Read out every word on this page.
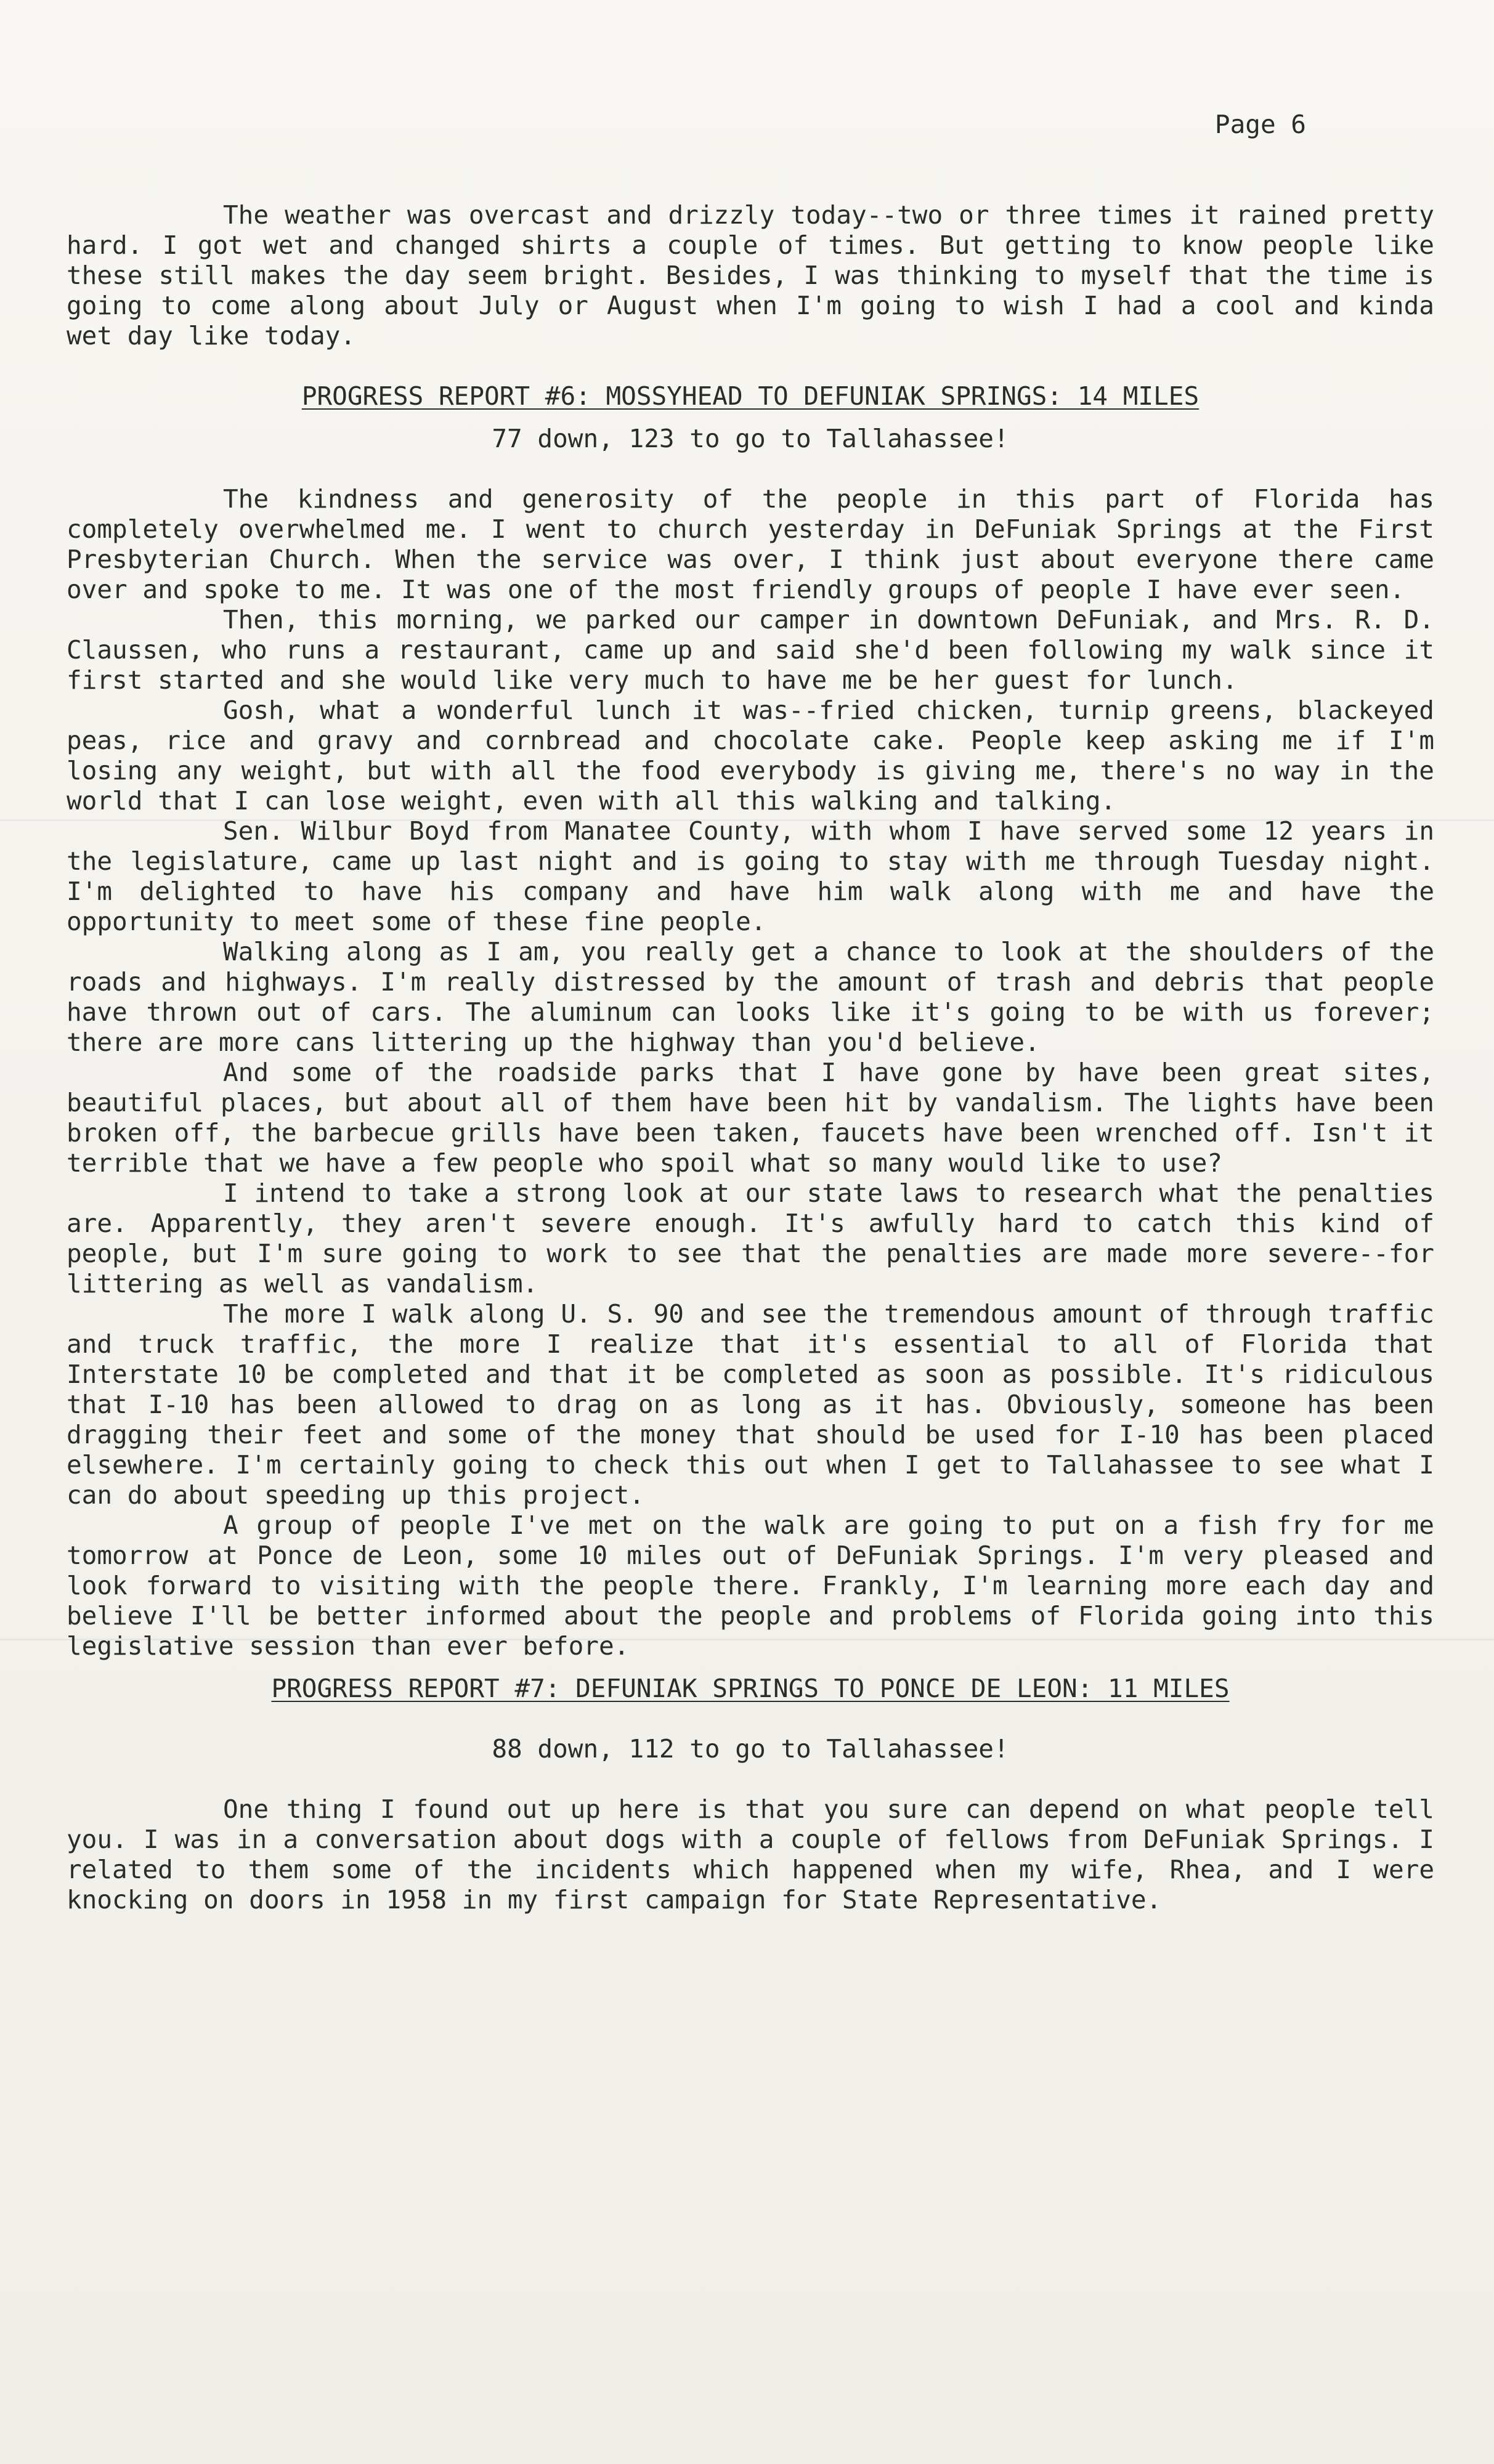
Page 6

The weather was overcast and drizzly today--two or three times it rained pretty hard. I got wet and changed shirts a couple of times. But getting to know people like these still makes the day seem bright. Besides, I was thinking to myself that the time is going to come along about July or August when I'm going to wish I had a cool and kinda wet day like today.

PROGRESS REPORT #6: MOSSYHEAD TO DEFUNIAK SPRINGS: 14 MILES

77 down, 123 to go to Tallahassee!

The kindness and generosity of the people in this part of Florida has completely overwhelmed me. I went to church yesterday in DeFuniak Springs at the First Presbyterian Church. When the service was over, I think just about everyone there came over and spoke to me. It was one of the most friendly groups of people I have ever seen.

Then, this morning, we parked our camper in downtown DeFuniak, and Mrs. R. D. Claussen, who runs a restaurant, came up and said she'd been following my walk since it first started and she would like very much to have me be her guest for lunch.

Gosh, what a wonderful lunch it was--fried chicken, turnip greens, blackeyed peas, rice and gravy and cornbread and chocolate cake. People keep asking me if I'm losing any weight, but with all the food everybody is giving me, there's no way in the world that I can lose weight, even with all this walking and talking.

Sen. Wilbur Boyd from Manatee County, with whom I have served some 12 years in the legislature, came up last night and is going to stay with me through Tuesday night. I'm delighted to have his company and have him walk along with me and have the opportunity to meet some of these fine people.

Walking along as I am, you really get a chance to look at the shoulders of the roads and highways. I'm really distressed by the amount of trash and debris that people have thrown out of cars. The aluminum can looks like it's going to be with us forever; there are more cans littering up the highway than you'd believe.

And some of the roadside parks that I have gone by have been great sites, beautiful places, but about all of them have been hit by vandalism. The lights have been broken off, the barbecue grills have been taken, faucets have been wrenched off. Isn't it terrible that we have a few people who spoil what so many would like to use?

I intend to take a strong look at our state laws to research what the penalties are. Apparently, they aren't severe enough. It's awfully hard to catch this kind of people, but I'm sure going to work to see that the penalties are made more severe--for littering as well as vandalism.

The more I walk along U. S. 90 and see the tremendous amount of through traffic and truck traffic, the more I realize that it's essential to all of Florida that Interstate 10 be completed and that it be completed as soon as possible. It's ridiculous that I-10 has been allowed to drag on as long as it has. Obviously, someone has been dragging their feet and some of the money that should be used for I-10 has been placed elsewhere. I'm certainly going to check this out when I get to Tallahassee to see what I can do about speeding up this project.

A group of people I've met on the walk are going to put on a fish fry for me tomorrow at Ponce de Leon, some 10 miles out of DeFuniak Springs. I'm very pleased and look forward to visiting with the people there. Frankly, I'm learning more each day and believe I'll be better informed about the people and problems of Florida going into this legislative session than ever before.

PROGRESS REPORT #7: DEFUNIAK SPRINGS TO PONCE DE LEON: 11 MILES

88 down, 112 to go to Tallahassee!

One thing I found out up here is that you sure can depend on what people tell you. I was in a conversation about dogs with a couple of fellows from DeFuniak Springs. I related to them some of the incidents which happened when my wife, Rhea, and I were knocking on doors in 1958 in my first campaign for State Representative.
